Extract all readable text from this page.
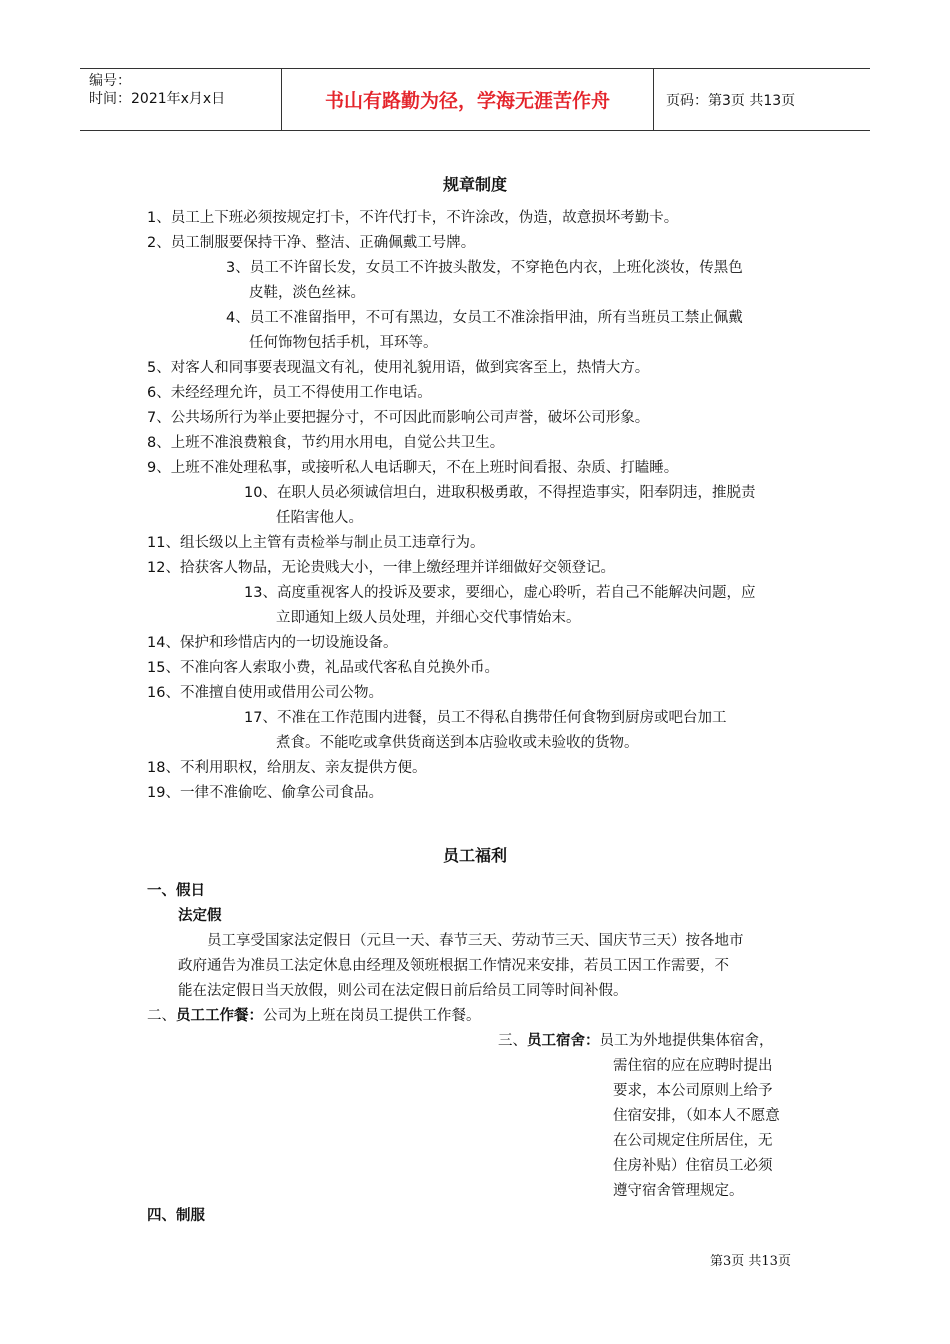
编号：
时间：2021年x月x日	书山有路勤为径，学海无涯苦作舟	页码：第3页 共13页
规章制度
1、员工上下班必须按规定打卡，不许代打卡，不许涂改，伪造，故意损坏考勤卡。
2、员工制服要保持干净、整洁、正确佩戴工号牌。
3、员工不许留长发，女员工不许披头散发，不穿艳色内衣，上班化淡妆，传黑色
皮鞋，淡色丝袜。
4、员工不准留指甲，不可有黑边，女员工不准涂指甲油，所有当班员工禁止佩戴
任何饰物包括手机，耳环等。
5、对客人和同事要表现温文有礼，使用礼貌用语，做到宾客至上，热情大方。
6、未经经理允许，员工不得使用工作电话。
7、公共场所行为举止要把握分寸，不可因此而影响公司声誉，破坏公司形象。
8、上班不准浪费粮食，节约用水用电，自觉公共卫生。
9、上班不准处理私事，或接听私人电话聊天，不在上班时间看报、杂质、打瞌睡。
10、在职人员必须诚信坦白，进取积极勇敢，不得捏造事实，阳奉阴违，推脱责
任陷害他人。
11、组长级以上主管有责检举与制止员工违章行为。
12、拾获客人物品，无论贵贱大小，一律上缴经理并详细做好交领登记。
13、高度重视客人的投诉及要求，要细心，虚心聆听，若自己不能解决问题，应
立即通知上级人员处理，并细心交代事情始末。
14、保护和珍惜店内的一切设施设备。
15、不准向客人索取小费，礼品或代客私自兑换外币。
16、不准擅自使用或借用公司公物。
17、不准在工作范围内进餐，员工不得私自携带任何食物到厨房或吧台加工
煮食。不能吃或拿供货商送到本店验收或未验收的货物。
18、不利用职权，给朋友、亲友提供方便。
19、一律不准偷吃、偷拿公司食品。
员工福利
一、假日
法定假
员工享受国家法定假日（元旦一天、春节三天、劳动节三天、国庆节三天）按各地市
政府通告为准员工法定休息由经理及领班根据工作情况来安排，若员工因工作需要，不
能在法定假日当天放假，则公司在法定假日前后给员工同等时间补假。
二、员工工作餐：公司为上班在岗员工提供工作餐。
三、员工宿舍：员工为外地提供集体宿舍，
需住宿的应在应聘时提出
要求，本公司原则上给予
住宿安排，（如本人不愿意
在公司规定住所居住，无
住房补贴）住宿员工必须
遵守宿舍管理规定。
四、制服
第3页 共13页
